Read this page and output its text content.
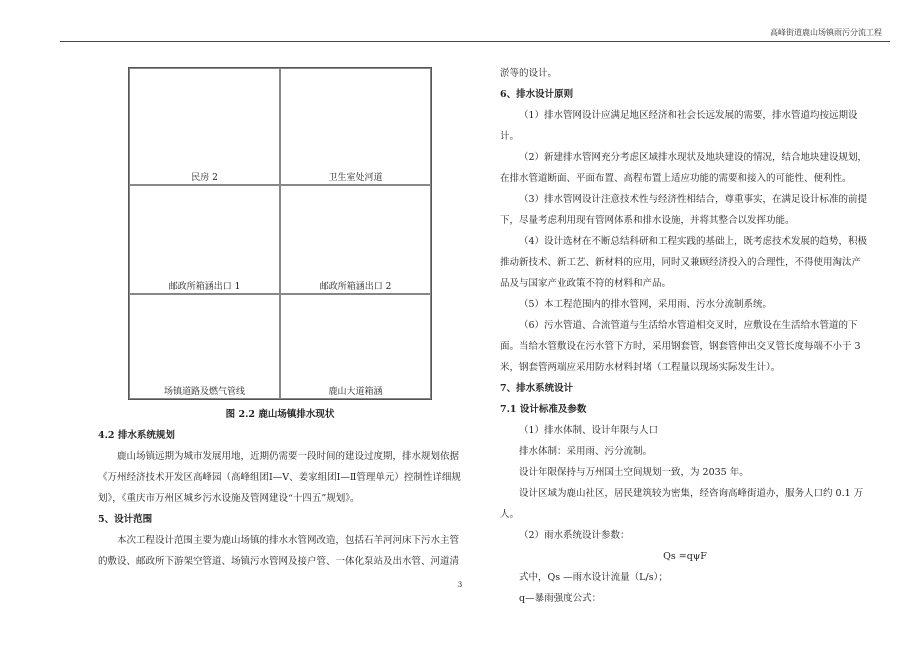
高峰街道鹿山场镇雨污分流工程
民房 2	卫生室处河道
邮政所箱涵出口 1	邮政所箱涵出口 2
场镇道路及燃气管线	鹿山大道箱涵
图 2.2 鹿山场镇排水现状

4.2 排水系统规划

鹿山场镇远期为城市发展用地，近期仍需要一段时间的建设过度期，排水规划依据《万州经济技术开发区高峰园（高峰组团Ⅰ—Ⅴ、姜家组团Ⅰ—Ⅱ管理单元）控制性详细规划》，《重庆市万州区城乡污水设施及管网建设“十四五”规划》。

5、设计范围

本次工程设计范围主要为鹿山场镇的排水水管网改造，包括石羊河河床下污水主管的敷设、邮政所下游架空管道、场镇污水管网及接户管、一体化泵站及出水管、河道清

淤等的设计。

6、排水设计原则

（1）排水管网设计应满足地区经济和社会长远发展的需要，排水管道均按远期设计。

（2）新建排水管网充分考虑区域排水现状及地块建设的情况，结合地块建设规划，在排水管道断面、平面布置、高程布置上适应功能的需要和接入的可能性、便利性。

（3）排水管网设计注意技术性与经济性相结合，尊重事实，在满足设计标准的前提下，尽量考虑利用现有管网体系和排水设施，并将其整合以发挥功能。

（4）设计选材在不断总结科研和工程实践的基础上，既考虑技术发展的趋势，积极推动新技术、新工艺、新材料的应用，同时又兼顾经济投入的合理性，不得使用淘汰产品及与国家产业政策不符的材料和产品。

（5）本工程范围内的排水管网，采用雨、污水分流制系统。

（6）污水管道、合流管道与生活给水管道相交叉时，应敷设在生活给水管道的下面。当给水管敷设在污水管下方时，采用钢套管，钢套管伸出交叉管长度每端不小于 3 米，钢套管两端应采用防水材料封堵（工程量以现场实际发生计）。

7、排水系统设计

7.1 设计标准及参数

（1）排水体制、设计年限与人口

排水体制：采用雨、污分流制。

设计年限保持与万州国土空间规划一致，为 2035 年。

设计区域为鹿山社区，居民建筑较为密集，经咨询高峰街道办，服务人口约 0.1 万人。

（2）雨水系统设计参数：

Qs =qψF

式中，Qs —雨水设计流量（L/s）；

q—暴雨强度公式：

3
